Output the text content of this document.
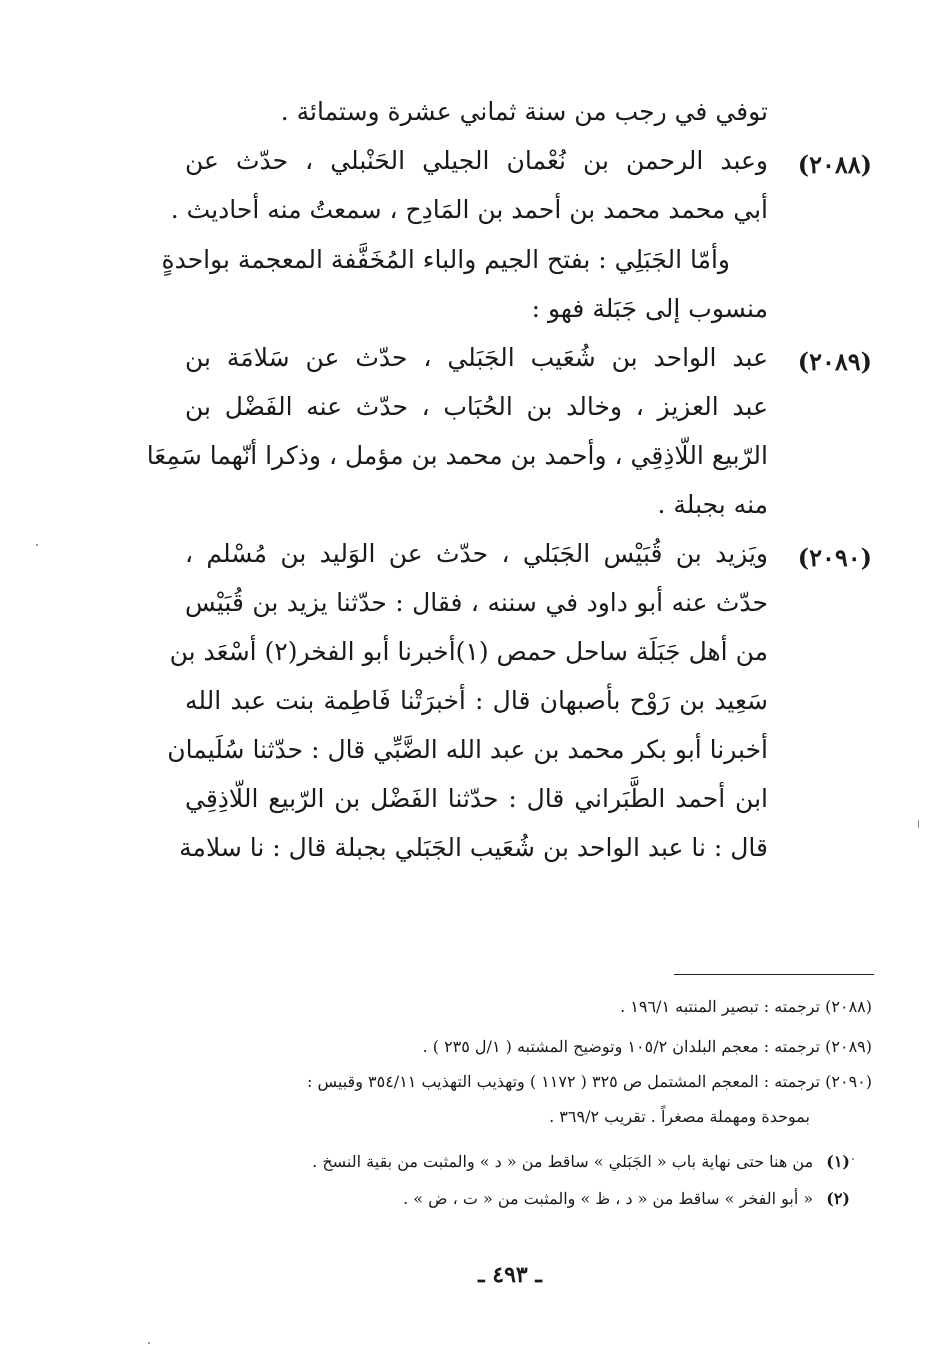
توفي في رجب من سنة ثماني عشرة وستمائة .
(٢٠٨٨)
وعبد الرحمن بن نُعْمان الجيلي الحَنْبلي ، حدّث عن
أبي محمد محمد بن أحمد بن المَادِح ، سمعتُ منه أحاديث .
وأمّا الجَبَلِي : بفتح الجيم والباء المُخَفَّفة المعجمة بواحدةٍ
منسوب إلى جَبَلة فهو :
(٢٠٨٩)
عبد الواحد بن شُعَيب الجَبَلي ، حدّث عن سَلامَة بن
عبد العزيز ، وخالد بن الحُبَاب ، حدّث عنه الفَضْل بن
الرّبيع اللّاذِقِي ، وأحمد بن محمد بن مؤمل ، وذكرا أنّهما سَمِعَا
منه بجبلة .
(٢٠٩٠)
ويَزيد بن قُبَيْس الجَبَلي ، حدّث عن الوَليد بن مُسْلم ،
حدّث عنه أبو داود في سننه ، فقال : حدّثنا يزيد بن قُبَيْس
من أهل جَبَلَة ساحل حمص (١)أخبرنا أبو الفخر(٢) أسْعَد بن
سَعِيد بن رَوْح بأصبهان قال : أخبرَتْنا فَاطِمة بنت عبد الله
أخبرنا أبو بكر محمد بن عبد الله الضَّبِّي قال : حدّثنا سُلَيمان
ابن أحمد الطَّبَراني قال : حدّثنا الفَضْل بن الرّبيع اللّاذِقِي
قال : نا عبد الواحد بن شُعَيب الجَبَلي بجبلة قال : نا سلامة
(٢٠٨٨) ترجمته : تبصير المنتبه ١٩٦/١ .
(٢٠٨٩) ترجمته : معجم البلدان ١٠٥/٢ وتوضيح المشتبه ( ١/ل ٢٣٥ ) .
(٢٠٩٠) ترجمته : المعجم المشتمل ص ٣٢٥ ( ١١٧٢ ) وتهذيب التهذيب ٣٥٤/١١ وقبيس :
بموحدة ومهملة مصغراً . تقريب ٣٦٩/٢ .
(١) من هنا حتى نهاية باب « الجَبَلي » ساقط من « د » والمثبت من بقية النسخ .
(٢) « أبو الفخر » ساقط من « د ، ظ » والمثبت من « ت ، ض » .
ـ ٤٩٣ ـ
